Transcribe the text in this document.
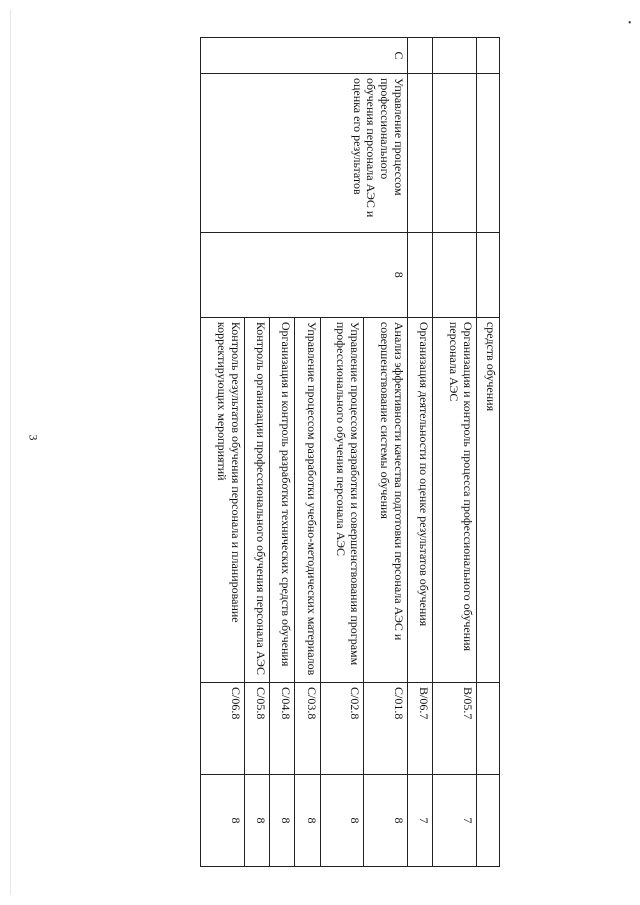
3
•
			средств обучения		
			Организация и контроль процесса профессионального обучения персонала АЭС	B/05.7	7
			Организация деятельности по оценке результатов обучения	B/06.7	7
C	Управление процессом профессионального обучения персонала АЭС и оценка его результатов	8	Анализ эффективности качества подготовки персонала АЭС и совершенствование системы обучения	C/01.8	8
			Управление процессом разработки и совершенствования программ профессионального обучения персонала АЭС	C/02.8	8
			Управление процессом разработки учебно-методических материалов	C/03.8	8
			Организация и контроль разработки технических средств обучения	C/04.8	8
			Контроль организации профессионального обучения персонала АЭС	C/05.8	8
			Контроль результатов обучения персонала и планирование корректирующих мероприятий	C/06.8	8
